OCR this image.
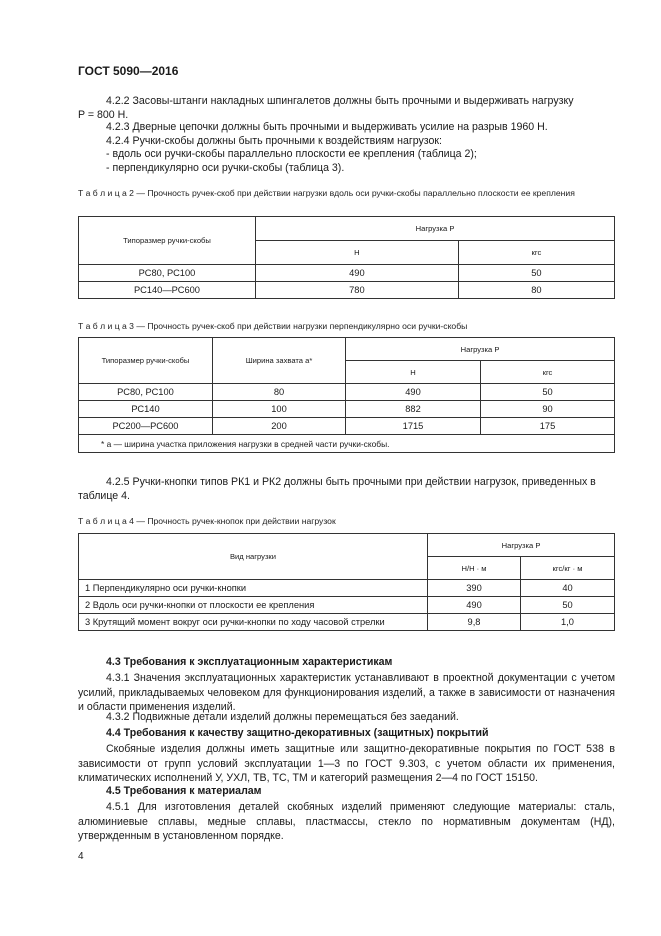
ГОСТ 5090—2016

4.2.2 Засовы-штанги накладных шпингалетов должны быть прочными и выдерживать нагрузку

P = 800 Н.

4.2.3 Дверные цепочки должны быть прочными и выдерживать усилие на разрыв 1960 Н.

4.2.4 Ручки-скобы должны быть прочными к воздействиям нагрузок:

- вдоль оси ручки-скобы параллельно плоскости ее крепления (таблица 2);

- перпендикулярно оси ручки-скобы (таблица 3).

Т а б л и ц а 2 — Прочность ручек-скоб при действии нагрузки вдоль оси ручки-скобы параллельно плоскости ее крепления
Типоразмер ручки-скобы	Нагрузка P	
	Н	кгс
РС80, РС100	490	50
РС140—РС600	780	80
Т а б л и ц а 3 — Прочность ручек-скоб при действии нагрузки перпендикулярно оси ручки-скобы
Типоразмер ручки-скобы	Ширина захвата a*	Нагрузка P	
		Н	кгс
РС80, РС100	80	490	50
РС140	100	882	90
РС200—РС600	200	1715	175
* a — ширина участка приложения нагрузки в средней части ручки-скобы.			

4.2.5 Ручки-кнопки типов РК1 и РК2 должны быть прочными при действии нагрузок, приведенных в

таблице 4.

Т а б л и ц а 4 — Прочность ручек-кнопок при действии нагрузок
Вид нагрузки	Нагрузка P	
	Н/Н · м	кгс/кг · м
1 Перпендикулярно оси ручки-кнопки	390	40
2 Вдоль оси ручки-кнопки от плоскости ее крепления	490	50
3 Крутящий момент вокруг оси ручки-кнопки по ходу часовой стрелки	9,8	1,0
4.3 Требования к эксплуатационным характеристикам

4.3.1 Значения эксплуатационных характеристик устанавливают в проектной документации с учетом усилий, прикладываемых человеком для функционирования изделий, а также в зависимости от назначения и области применения изделий.

4.3.2 Подвижные детали изделий должны перемещаться без заеданий.

4.4 Требования к качеству защитно-декоративных (защитных) покрытий

Скобяные изделия должны иметь защитные или защитно-декоративные покрытия по ГОСТ 538 в зависимости от групп условий эксплуатации 1—3 по ГОСТ 9.303, с учетом области их применения, климатических исполнений У, УХЛ, ТВ, ТС, ТМ и категорий размещения 2—4 по ГОСТ 15150.

4.5 Требования к материалам

4.5.1 Для изготовления деталей скобяных изделий применяют следующие материалы: сталь, алюминиевые сплавы, медные сплавы, пластмассы, стекло по нормативным документам (НД), утвержденным в установленном порядке.

4
